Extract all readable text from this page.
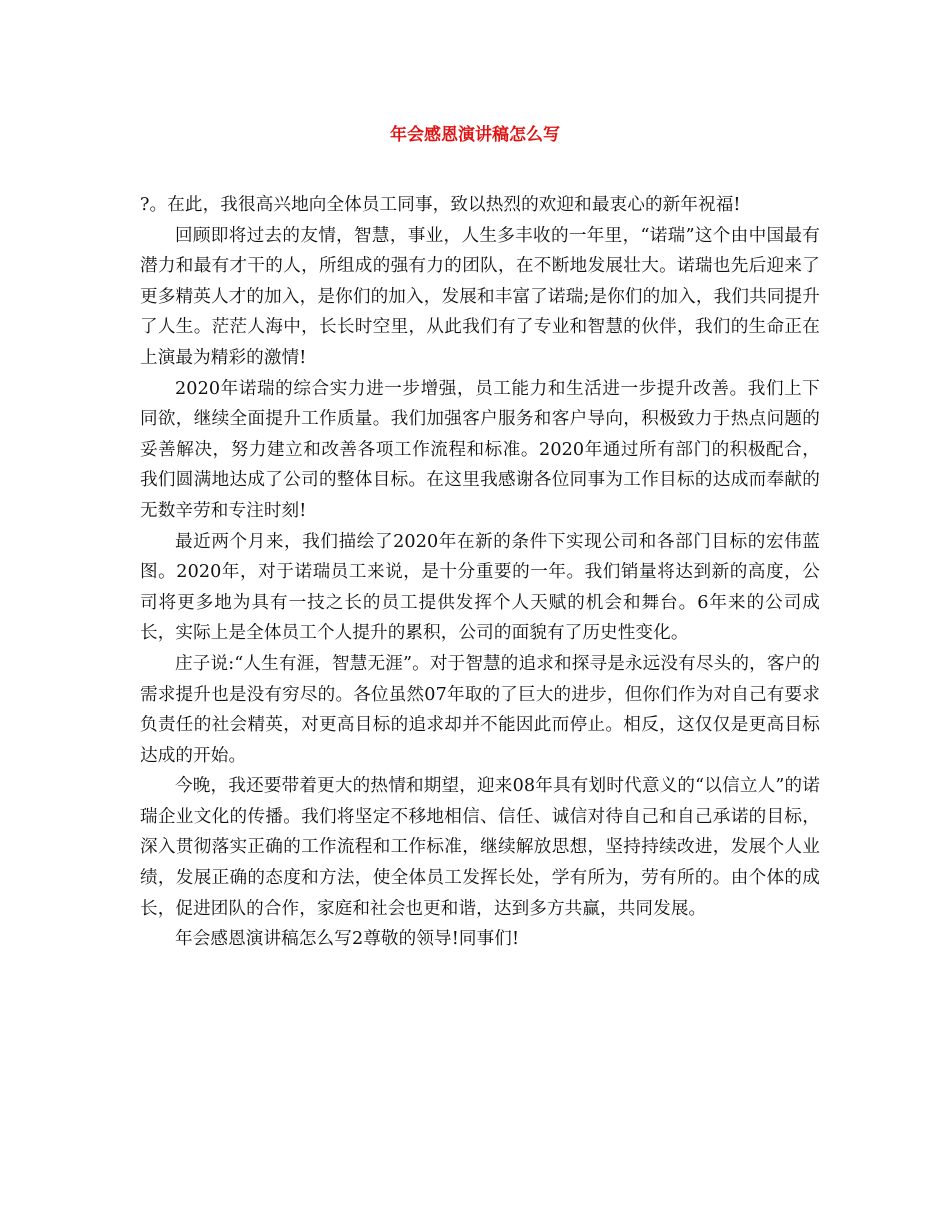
年会感恩演讲稿怎么写

?。在此，我很高兴地向全体员工同事，致以热烈的欢迎和最衷心的新年祝福!

回顾即将过去的友情，智慧，事业，人生多丰收的一年里，“诺瑞”这个由中国最有潜力和最有才干的人，所组成的强有力的团队，在不断地发展壮大。诺瑞也先后迎来了更多精英人才的加入，是你们的加入，发展和丰富了诺瑞;是你们的加入，我们共同提升了人生。茫茫人海中，长长时空里，从此我们有了专业和智慧的伙伴，我们的生命正在上演最为精彩的激情!

2020年诺瑞的综合实力进一步增强，员工能力和生活进一步提升改善。我们上下同欲，继续全面提升工作质量。我们加强客户服务和客户导向，积极致力于热点问题的妥善解决，努力建立和改善各项工作流程和标准。2020年通过所有部门的积极配合，我们圆满地达成了公司的整体目标。在这里我感谢各位同事为工作目标的达成而奉献的无数辛劳和专注时刻!

最近两个月来，我们描绘了2020年在新的条件下实现公司和各部门目标的宏伟蓝图。2020年，对于诺瑞员工来说，是十分重要的一年。我们销量将达到新的高度，公司将更多地为具有一技之长的员工提供发挥个人天赋的机会和舞台。6年来的公司成长，实际上是全体员工个人提升的累积，公司的面貌有了历史性变化。

庄子说:“人生有涯，智慧无涯”。对于智慧的追求和探寻是永远没有尽头的，客户的需求提升也是没有穷尽的。各位虽然07年取的了巨大的进步，但你们作为对自己有要求负责任的社会精英，对更高目标的追求却并不能因此而停止。相反，这仅仅是更高目标达成的开始。

今晚，我还要带着更大的热情和期望，迎来08年具有划时代意义的“以信立人”的诺瑞企业文化的传播。我们将坚定不移地相信、信任、诚信对待自己和自己承诺的目标，深入贯彻落实正确的工作流程和工作标准，继续解放思想，坚持持续改进，发展个人业绩，发展正确的态度和方法，使全体员工发挥长处，学有所为，劳有所的。由个体的成长，促进团队的合作，家庭和社会也更和谐，达到多方共赢，共同发展。

年会感恩演讲稿怎么写2尊敬的领导!同事们!
